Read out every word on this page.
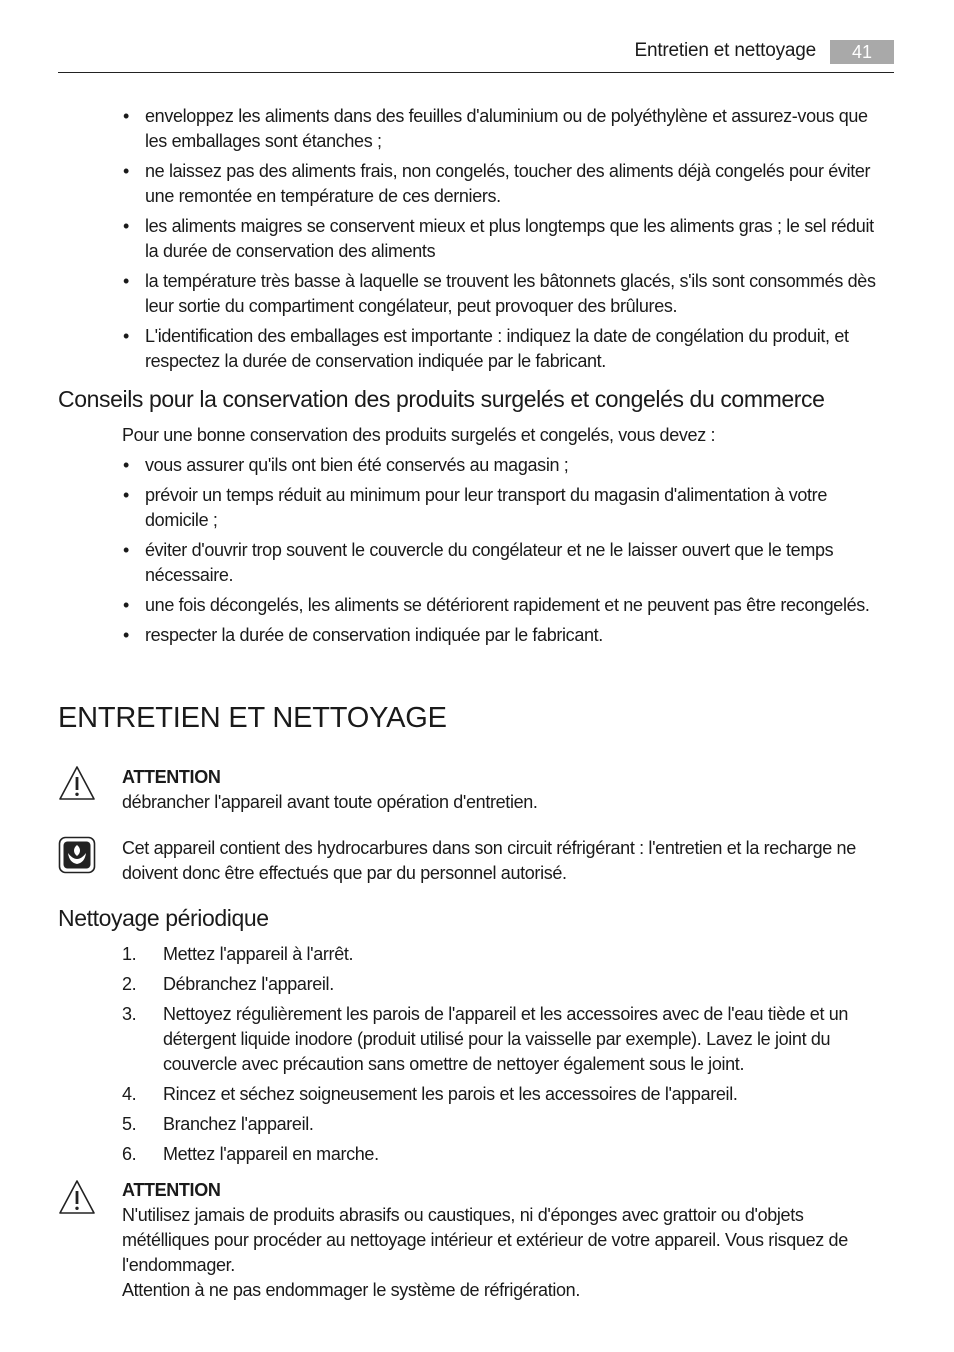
Entretien et nettoyage	41
• enveloppez les aliments dans des feuilles d'aluminium ou de polyéthylène et assurez-vous que les emballages sont étanches ;
• ne laissez pas des aliments frais, non congelés, toucher des aliments déjà congelés pour éviter une remontée en température de ces derniers.
• les aliments maigres se conservent mieux et plus longtemps que les aliments gras ; le sel réduit la durée de conservation des aliments
• la température très basse à laquelle se trouvent les bâtonnets glacés, s'ils sont consommés dès leur sortie du compartiment congélateur, peut provoquer des brûlures.
• L'identification des emballages est importante : indiquez la date de congélation du produit, et respectez la durée de conservation indiquée par le fabricant.
Conseils pour la conservation des produits surgelés et congelés du commerce

Pour une bonne conservation des produits surgelés et congelés, vous devez :

• vous assurer qu'ils ont bien été conservés au magasin ;
• prévoir un temps réduit au minimum pour leur transport du magasin d'alimentation à votre domicile ;
• éviter d'ouvrir trop souvent le couvercle du congélateur et ne le laisser ouvert que le temps nécessaire.
• une fois décongelés, les aliments se détériorent rapidement et ne peuvent pas être recongelés.
• respecter la durée de conservation indiquée par le fabricant.
ENTRETIEN ET NETTOYAGE
ATTENTION
débrancher l'appareil avant toute opération d'entretien.
Cet appareil contient des hydrocarbures dans son circuit réfrigérant : l'entretien et la recharge ne doivent donc être effectués que par du personnel autorisé.
Nettoyage périodique
1. Mettez l'appareil à l'arrêt.
2. Débranchez l'appareil.
3. Nettoyez régulièrement les parois de l'appareil et les accessoires avec de l'eau tiède et un détergent liquide inodore (produit utilisé pour la vaisselle par exemple). Lavez le joint du couvercle avec précaution sans omettre de nettoyer également sous le joint.
4. Rincez et séchez soigneusement les parois et les accessoires de l'appareil.
5. Branchez l'appareil.
6. Mettez l'appareil en marche.
ATTENTION
N'utilisez jamais de produits abrasifs ou caustiques, ni d'éponges avec grattoir ou d'objets métélliques pour procéder au nettoyage intérieur et extérieur de votre appareil. Vous risquez de l'endommager.
Attention à ne pas endommager le système de réfrigération.
